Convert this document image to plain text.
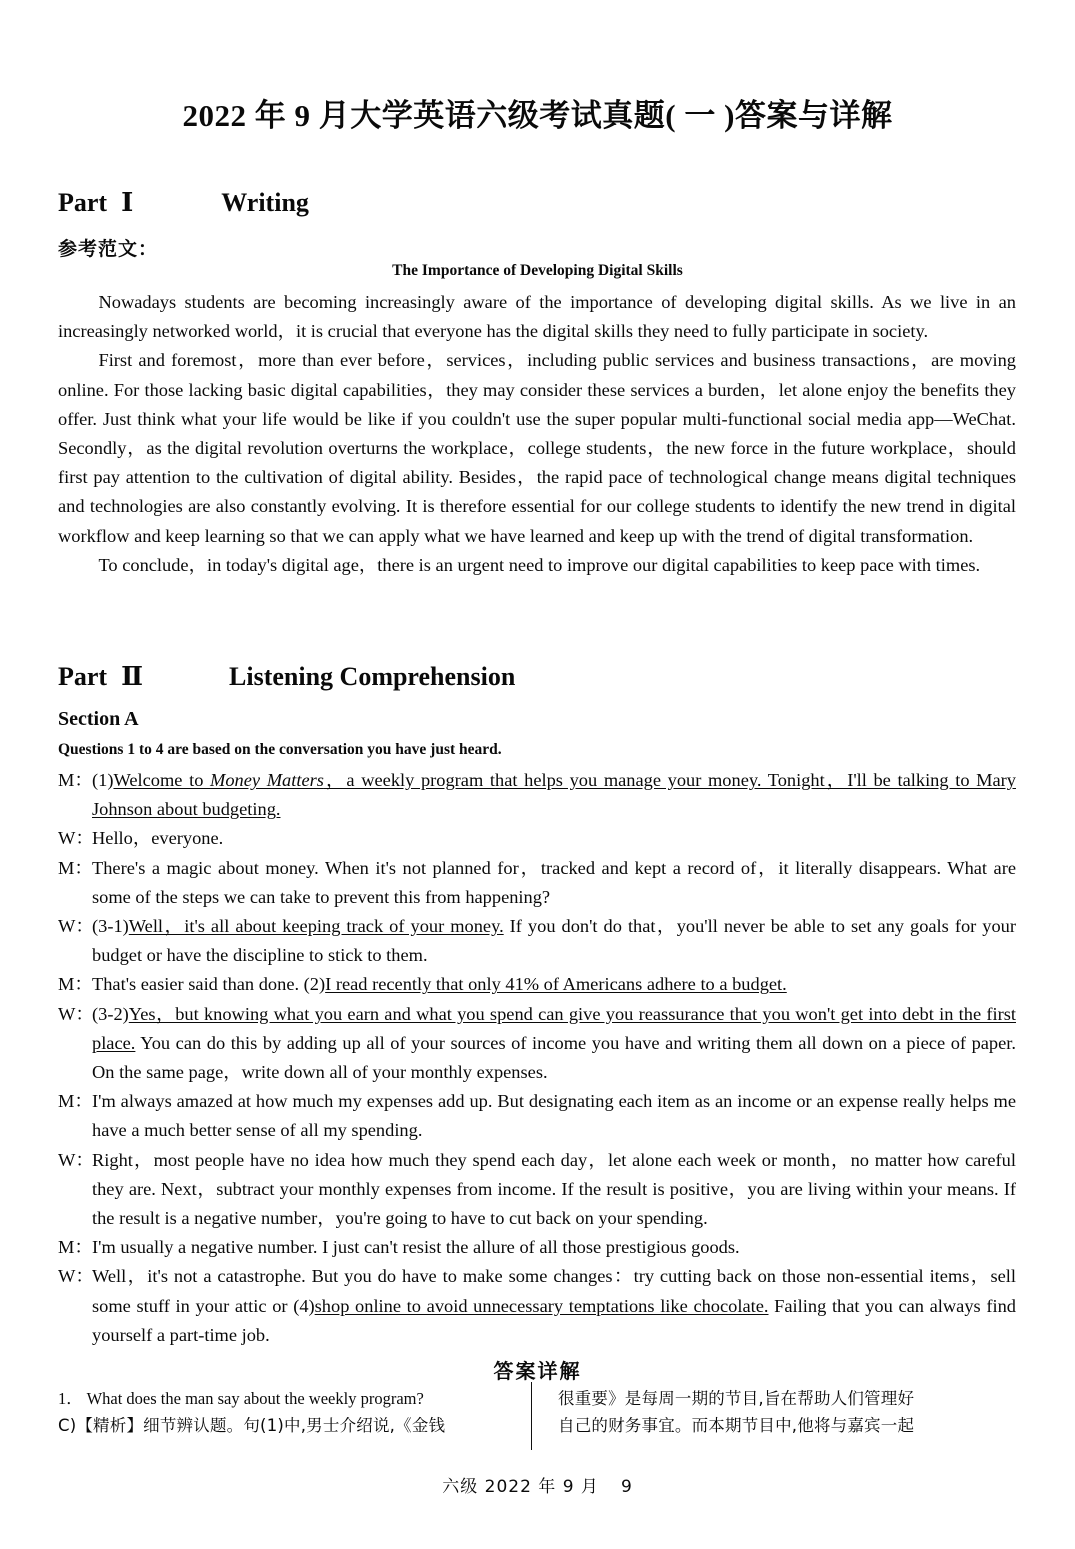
2022 年 9 月大学英语六级考试真题( 一 )答案与详解
Part Ⅰ	Writing
参考范文：
The Importance of Developing Digital Skills

Nowadays students are becoming increasingly aware of the importance of developing digital skills. As we live in an increasingly networked world，it is crucial that everyone has the digital skills they need to fully participate in society.

First and foremost，more than ever before，services，including public services and business transactions，are moving online. For those lacking basic digital capabilities，they may consider these services a burden，let alone enjoy the benefits they offer. Just think what your life would be like if you couldn't use the super popular multi-functional social media app—WeChat. Secondly，as the digital revolution overturns the workplace，college students，the new force in the future workplace，should first pay attention to the cultivation of digital ability. Besides，the rapid pace of technological change means digital techniques and technologies are also constantly evolving. It is therefore essential for our college students to identify the new trend in digital workflow and keep learning so that we can apply what we have learned and keep up with the trend of digital transformation.

To conclude，in today's digital age，there is an urgent need to improve our digital capabilities to keep pace with times.

Part Ⅱ	Listening Comprehension
Section A
Questions 1 to 4 are based on the conversation you have just heard.
M： (1)Welcome to Money Matters，a weekly program that helps you manage your money. Tonight，I'll be talking to Mary Johnson about budgeting.
W：
Hello，everyone.
M： There's a magic about money. When it's not planned for，tracked and kept a record of，it literally disappears. What are some of the steps we can take to prevent this from happening?
W：
(3-1)Well，it's all about keeping track of your money. If you don't do that，you'll never be able to set any goals for your budget or have the discipline to stick to them.
M： That's easier said than done. (2)I read recently that only 41% of Americans adhere to a budget.
W：
(3-2)Yes，but knowing what you earn and what you spend can give you reassurance that you won't get into debt in the first place. You can do this by adding up all of your sources of income you have and writing them all down on a piece of paper. On the same page，write down all of your monthly expenses.
M： I'm always amazed at how much my expenses add up. But designating each item as an income or an expense really helps me have a much better sense of all my spending.
W：
Right，most people have no idea how much they spend each day，let alone each week or month，no matter how careful they are. Next，subtract your monthly expenses from income. If the result is positive，you are living within your means. If the result is a negative number，you're going to have to cut back on your spending.
M： I'm usually a negative number. I just can't resist the allure of all those prestigious goods.
W：
Well，it's not a catastrophe. But you do have to make some changes：try cutting back on those non-essential items，sell some stuff in your attic or (4)shop online to avoid unnecessary temptations like chocolate. Failing that you can always find yourself a part-time job.
答案详解
1． What does the man say about the weekly program?
C)【精析】细节辨认题。句(1)中,男士介绍说,《金钱
很重要》是每周一期的节目,旨在帮助人们管理好
自己的财务事宜。而本期节目中,他将与嘉宾一起
六级 2022 年 9 月 9
